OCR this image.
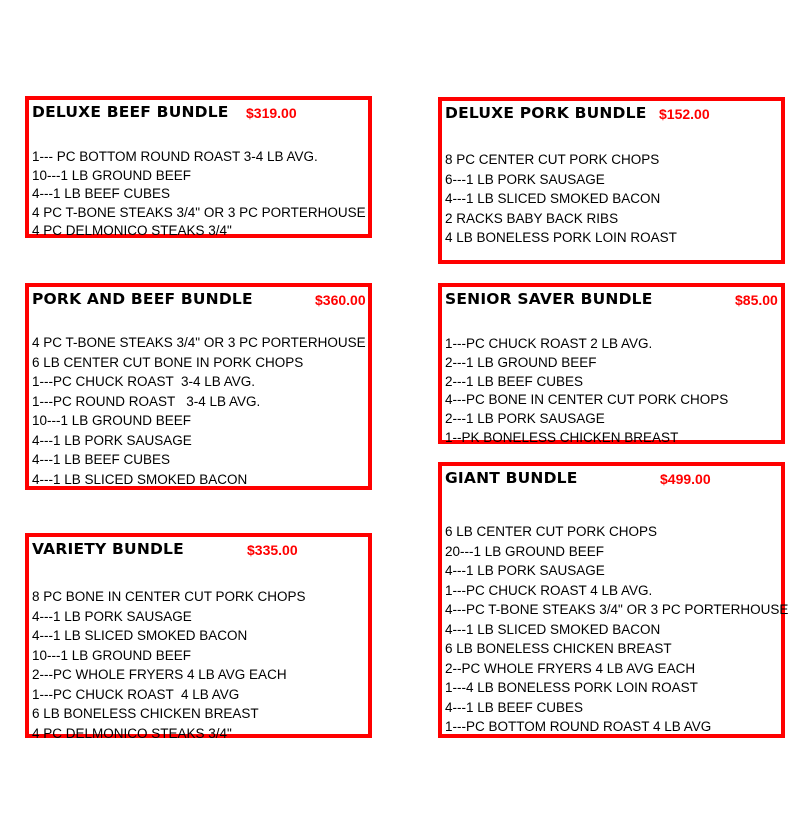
DELUXE BEEF BUNDLE $319.00
1--- PC BOTTOM ROUND ROAST 3-4 LB AVG.
10---1 LB GROUND BEEF
4---1 LB BEEF CUBES
4 PC T-BONE STEAKS 3/4" OR 3 PC PORTERHOUSE
4 PC DELMONICO STEAKS 3/4"
PORK AND BEEF BUNDLE	$360.00
4 PC T-BONE STEAKS 3/4" OR 3 PC PORTERHOUSE
6 LB CENTER CUT BONE IN PORK CHOPS
1---PC CHUCK ROAST  3-4 LB AVG.
1---PC ROUND ROAST   3-4 LB AVG.
10---1 LB GROUND BEEF
4---1 LB PORK SAUSAGE
4---1 LB BEEF CUBES
4---1 LB SLICED SMOKED BACON
VARIETY BUNDLE	$335.00
8 PC BONE IN CENTER CUT PORK CHOPS
4---1 LB PORK SAUSAGE
4---1 LB SLICED SMOKED BACON
10---1 LB GROUND BEEF
2---PC WHOLE FRYERS 4 LB AVG EACH
1---PC CHUCK ROAST  4 LB AVG
6 LB BONELESS CHICKEN BREAST
4 PC DELMONICO STEAKS 3/4"
DELUXE PORK BUNDLE $152.00
8 PC CENTER CUT PORK CHOPS
6---1 LB PORK SAUSAGE
4---1 LB SLICED SMOKED BACON
2 RACKS BABY BACK RIBS
4 LB BONELESS PORK LOIN ROAST
SENIOR SAVER BUNDLE	$85.00
1---PC CHUCK ROAST 2 LB AVG.
2---1 LB GROUND BEEF
2---1 LB BEEF CUBES
4---PC BONE IN CENTER CUT PORK CHOPS
2---1 LB PORK SAUSAGE
1--PK BONELESS CHICKEN BREAST
GIANT BUNDLE	$499.00
6 LB CENTER CUT PORK CHOPS
20---1 LB GROUND BEEF
4---1 LB PORK SAUSAGE
1---PC CHUCK ROAST 4 LB AVG.
4---PC T-BONE STEAKS 3/4" OR 3 PC PORTERHOUSE
4---1 LB SLICED SMOKED BACON
6 LB BONELESS CHICKEN BREAST
2--PC WHOLE FRYERS 4 LB AVG EACH
1---4 LB BONELESS PORK LOIN ROAST
4---1 LB BEEF CUBES
1---PC BOTTOM ROUND ROAST 4 LB AVG
